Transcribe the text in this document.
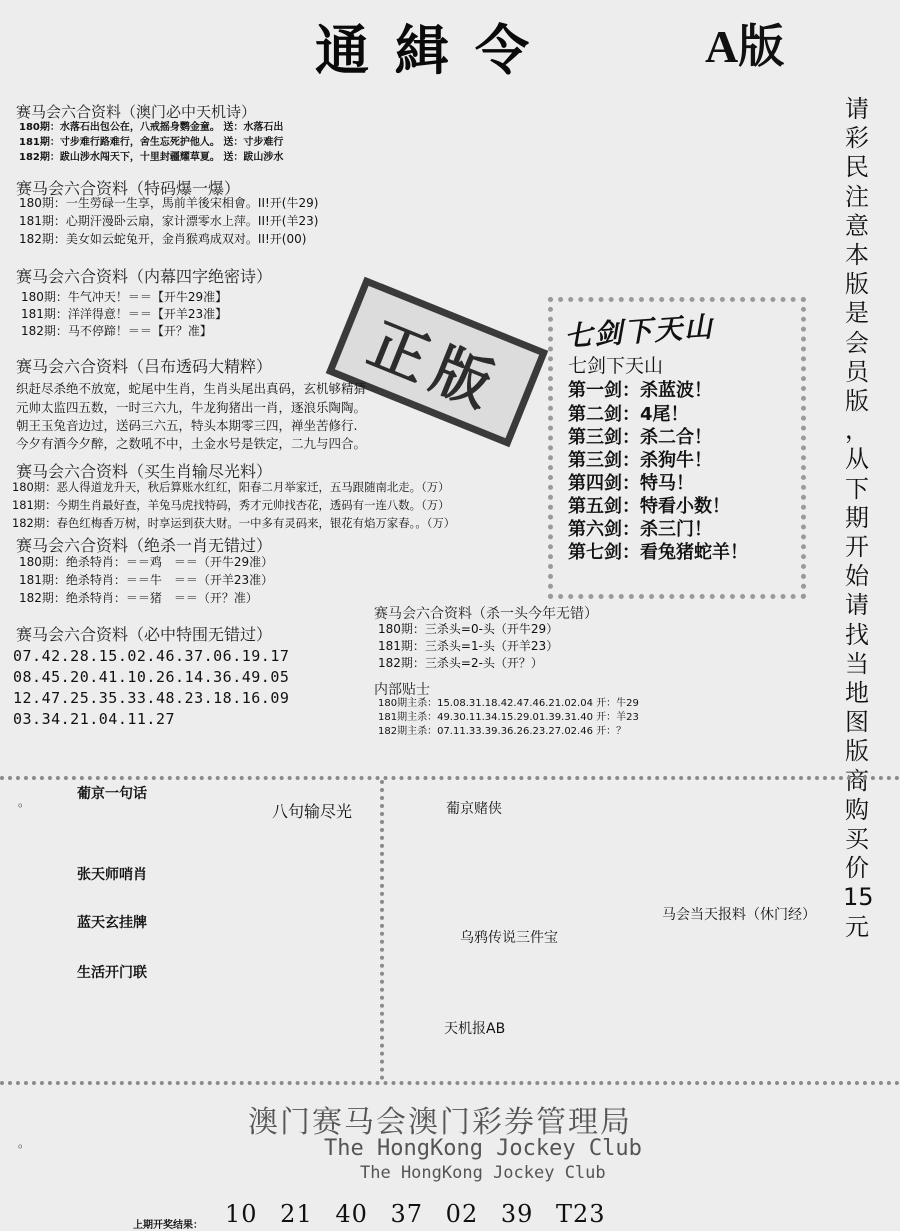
通緝令	A版
请
彩
民
注
意
本
版
是
会
员
版
，
从
下
期
开
始
请
找
当
地
图
版
商
购
买
价
15
元
正版
赛马会六合资料（澳门必中天机诗）
180期：水落石出包公在，八戒摇身鹦金童。 送：水落石出
181期：寸步难行路难行，舍生忘死护他人。 送：寸步难行
182期：跋山涉水闯天下，十里封疆耀草夏。 送：跋山涉水
赛马会六合资料（特码爆一爆）
180期：一生勞碌一生享，馬前羊後宋相會。II!开(牛29)
181期：心期汗漫卧云扇，家计漂零水上萍。II!开(羊23)
182期：美女如云蛇兔开，金肖猴鸡成双对。II!开(00)
赛马会六合资料（内幕四字绝密诗）
180期：牛气冲天！＝＝【开牛29准】
181期：洋洋得意！＝＝【开羊23准】
182期：马不停蹄！＝＝【开？准】
赛马会六合资料（吕布透码大精粹）
织赶尽杀绝不放宽，蛇尾中生肖，生肖头尾出真码，玄机够精猜
元帅太监四五数，一时三六九，牛龙狗猪出一肖，逐浪乐陶陶。
朝王玉兔音边过，送码三六五，特头本期零三四，禅坐苦修行.
今夕有酒今夕醉，之数吼不中，土金水号是铁定，二九与四合。
赛马会六合资料（买生肖输尽光料）
180期：恶人得道龙升天，秋后算账水红红，阳春二月举家迁，五马跟随南北走。（万）
181期：今期生肖最好查，羊兔马虎找特码，秀才元帅找杏花，透码有一连八数。（万）
182期：春色红梅香万树，时享运到获大财。一中多有灵码来，银花有焰万家春。。（万）
赛马会六合资料（绝杀一肖无错过）
180期：绝杀特肖：＝＝鸡　＝＝（开牛29准）
181期：绝杀特肖：＝＝牛　＝＝（开羊23准）
182期：绝杀特肖：＝＝猪　＝＝（开？准）
赛马会六合资料（必中特围无错过）
07.42.28.15.02.46.37.06.19.17
08.45.20.41.10.26.14.36.49.05
12.47.25.35.33.48.23.18.16.09
03.34.21.04.11.27
赛马会六合资料（杀一头今年无错）
180期：三杀头=0-头（开牛29）
181期：三杀头=1-头（开羊23）
182期：三杀头=2-头（开？）
内部贴士
180期主杀：15.08.31.18.42.47.46.21.02.04 开：牛29
181期主杀：49.30.11.34.15.29.01.39.31.40 开：羊23
182期主杀：07.11.33.39.36.26.23.27.02.46 开：？
七剑下天山
七剑下天山
第一剑：杀蓝波！
第二剑：4尾！
第三剑：杀二合！
第三剑：杀狗牛！
第四剑：特马！
第五剑：特看小数！
第六剑：杀三门！
第七剑：看兔猪蛇羊！
。	葡京一句话
八句输尽光
张天师哨肖
蓝天玄挂牌
生活开门联
葡京赌侠
马会当天报料（休门经）
乌鸦传说三件宝
天机报AB
。
澳门赛马会澳门彩券管理局
The HongKong Jockey Club
The HongKong Jockey Club
上期开奖结果： 10 21 40 37 02 39 T23
